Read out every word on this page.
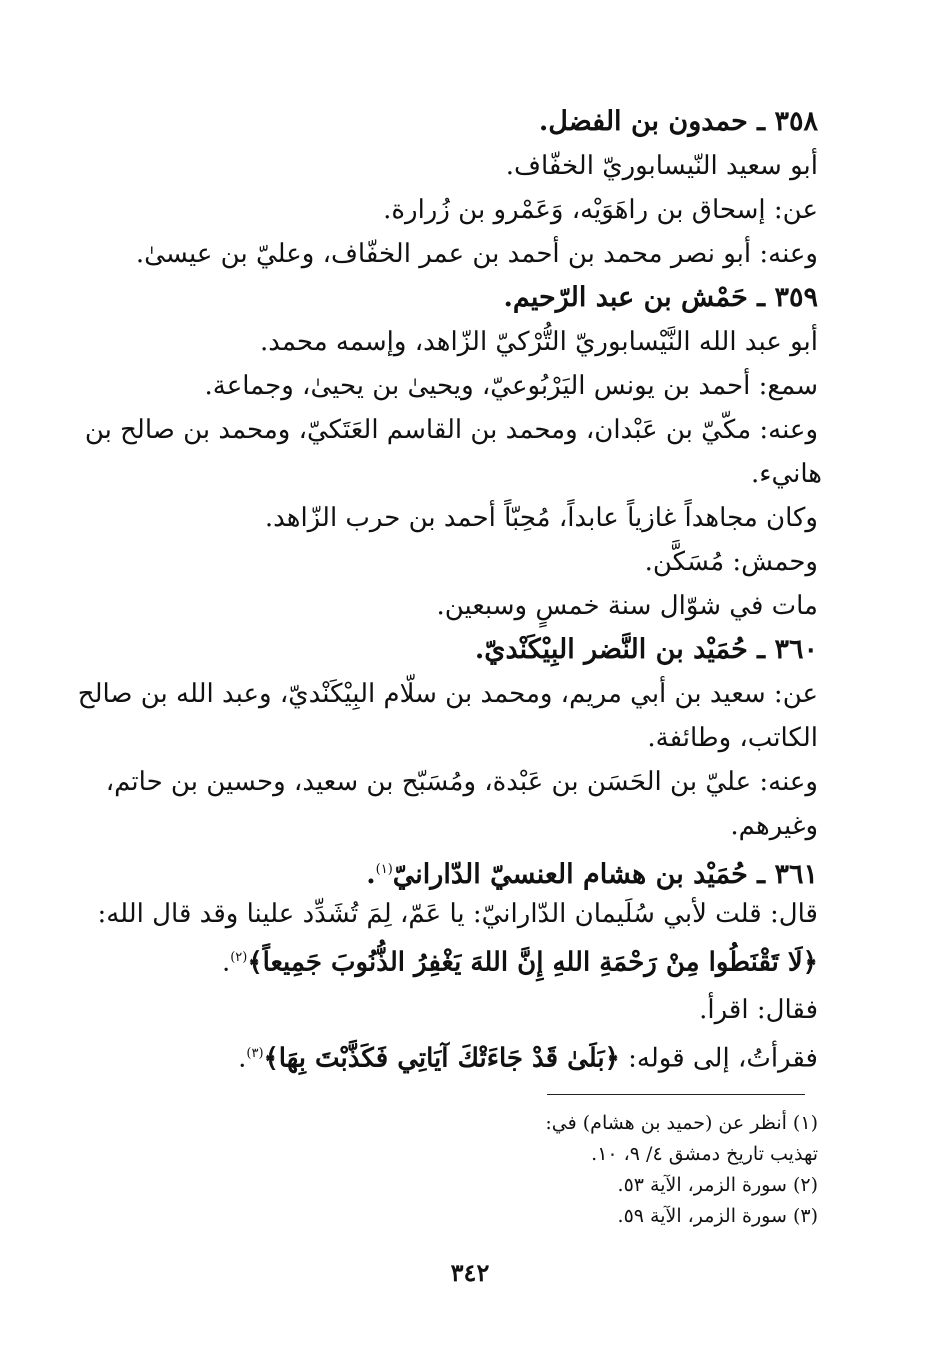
٣٥٨ ـ حمدون بن الفضل.
أبو سعيد النّيسابوريّ الخفّاف.
عن: إسحاق بن راهَوَيْه، وَعَمْرو بن زُرارة.
وعنه: أبو نصر محمد بن أحمد بن عمر الخفّاف، وعليّ بن عيسىٰ.
٣٥٩ ـ حَمْش بن عبد الرّحيم.
أبو عبد الله النَّيْسابوريّ التُّرْكيّ الزّاهد، وإسمه محمد.
سمع: أحمد بن يونس اليَرْبُوعيّ، ويحيىٰ بن يحيىٰ، وجماعة.
وعنه: مكّيّ بن عَبْدان، ومحمد بن القاسم العَتَكيّ، ومحمد بن صالح بن
هانيء.
وكان مجاهداً غازياً عابداً، مُحِبّاً أحمد بن حرب الزّاهد.
وحمش: مُسَكَّن.
مات في شوّال سنة خمسٍ وسبعين.
٣٦٠ ـ حُمَيْد بن النَّضر البِيْكَنْديّ.
عن: سعيد بن أبي مريم، ومحمد بن سلّام البِيْكَنْديّ، وعبد الله بن صالح
الكاتب، وطائفة.
وعنه: عليّ بن الحَسَن بن عَبْدة، ومُسَبّح بن سعيد، وحسين بن حاتم،
وغيرهم.
٣٦١ ـ حُمَيْد بن هشام العنسيّ الدّارانيّ$^{(١)}$.
قال: قلت لأبي سُلَيمان الدّارانيّ: يا عَمّ، لِمَ تُشَدِّد علينا وقد قال الله:
﴿لَا تَقْنَطُوا مِنْ رَحْمَةِ اللهِ إِنَّ اللهَ يَغْفِرُ الذُّنُوبَ جَمِيعاً﴾$^{(٢)}$.
فقال: اقرأ.
فقرأتُ، إلى قوله: ﴿بَلَىٰ قَدْ جَاءَتْكَ آيَاتِي فَكَذَّبْتَ بِهَا﴾$^{(٣)}$.
(١) أنظر عن (حميد بن هشام) في:
تهذيب تاريخ دمشق ٤/ ٩، ١٠.
(٢) سورة الزمر، الآية ٥٣.
(٣) سورة الزمر، الآية ٥٩.
٣٤٢
